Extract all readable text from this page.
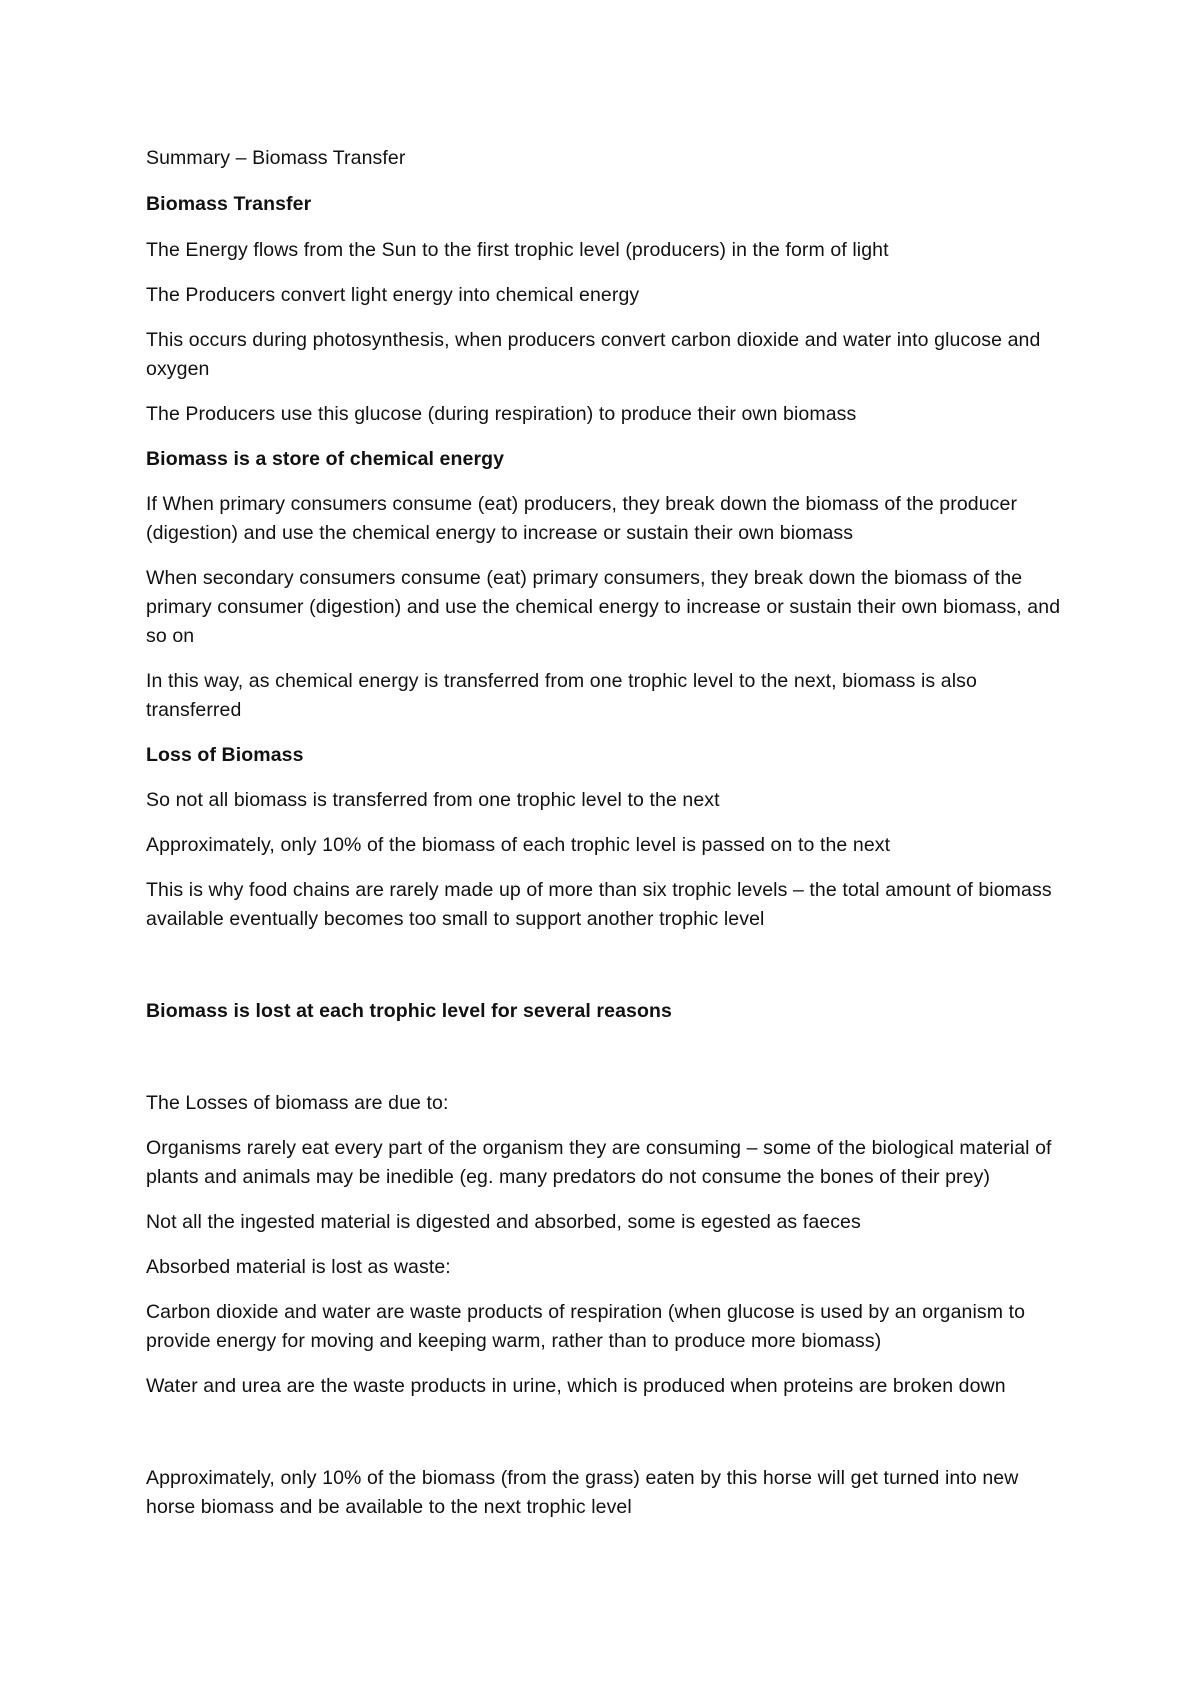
Summary – Biomass Transfer

Biomass Transfer

The Energy flows from the Sun to the first trophic level (producers) in the form of light

The Producers convert light energy into chemical energy

This occurs during photosynthesis, when producers convert carbon dioxide and water into glucose and oxygen

The Producers use this glucose (during respiration) to produce their own biomass

Biomass is a store of chemical energy

If When primary consumers consume (eat) producers, they break down the biomass of the producer (digestion) and use the chemical energy to increase or sustain their own biomass

When secondary consumers consume (eat) primary consumers, they break down the biomass of the primary consumer (digestion) and use the chemical energy to increase or sustain their own biomass, and so on

In this way, as chemical energy is transferred from one trophic level to the next, biomass is also transferred

Loss of Biomass

So not all biomass is transferred from one trophic level to the next

Approximately, only 10% of the biomass of each trophic level is passed on to the next

This is why food chains are rarely made up of more than six trophic levels – the total amount of biomass available eventually becomes too small to support another trophic level

Biomass is lost at each trophic level for several reasons

The Losses of biomass are due to:

Organisms rarely eat every part of the organism they are consuming – some of the biological material of plants and animals may be inedible (eg. many predators do not consume the bones of their prey)

Not all the ingested material is digested and absorbed, some is egested as faeces

Absorbed material is lost as waste:

Carbon dioxide and water are waste products of respiration (when glucose is used by an organism to provide energy for moving and keeping warm, rather than to produce more biomass)

Water and urea are the waste products in urine, which is produced when proteins are broken down

Approximately, only 10% of the biomass (from the grass) eaten by this horse will get turned into new horse biomass and be available to the next trophic level
